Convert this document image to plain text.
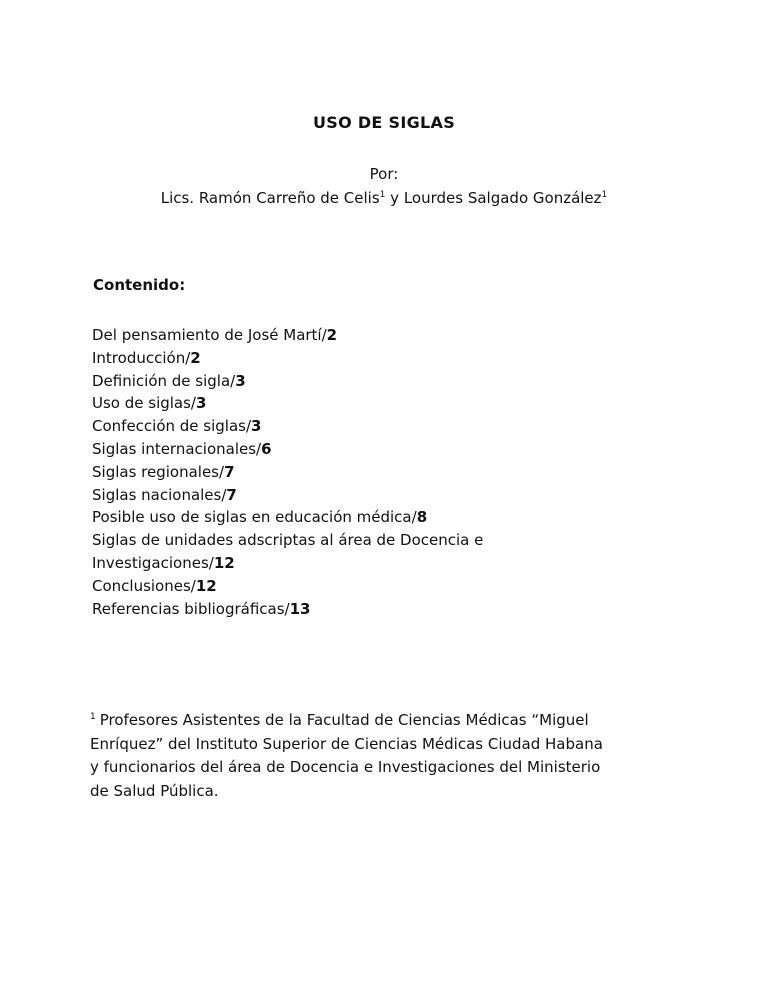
USO DE SIGLAS
Por:
Lics. Ramón Carreño de Celis$^1$ y Lourdes Salgado González$^1$
Contenido:
Del pensamiento de José Martí/2
Introducción/2
Definición de sigla/3
Uso de siglas/3
Confección de siglas/3
Siglas internacionales/6
Siglas regionales/7
Siglas nacionales/7
Posible uso de siglas en educación médica/8
Siglas de unidades adscriptas al área de Docencia e
Investigaciones/12
Conclusiones/12
Referencias bibliográficas/13
$^1$ Profesores Asistentes de la Facultad de Ciencias Médicas “Miguel
Enríquez” del Instituto Superior de Ciencias Médicas Ciudad Habana
y funcionarios del área de Docencia e Investigaciones del Ministerio
de Salud Pública.
